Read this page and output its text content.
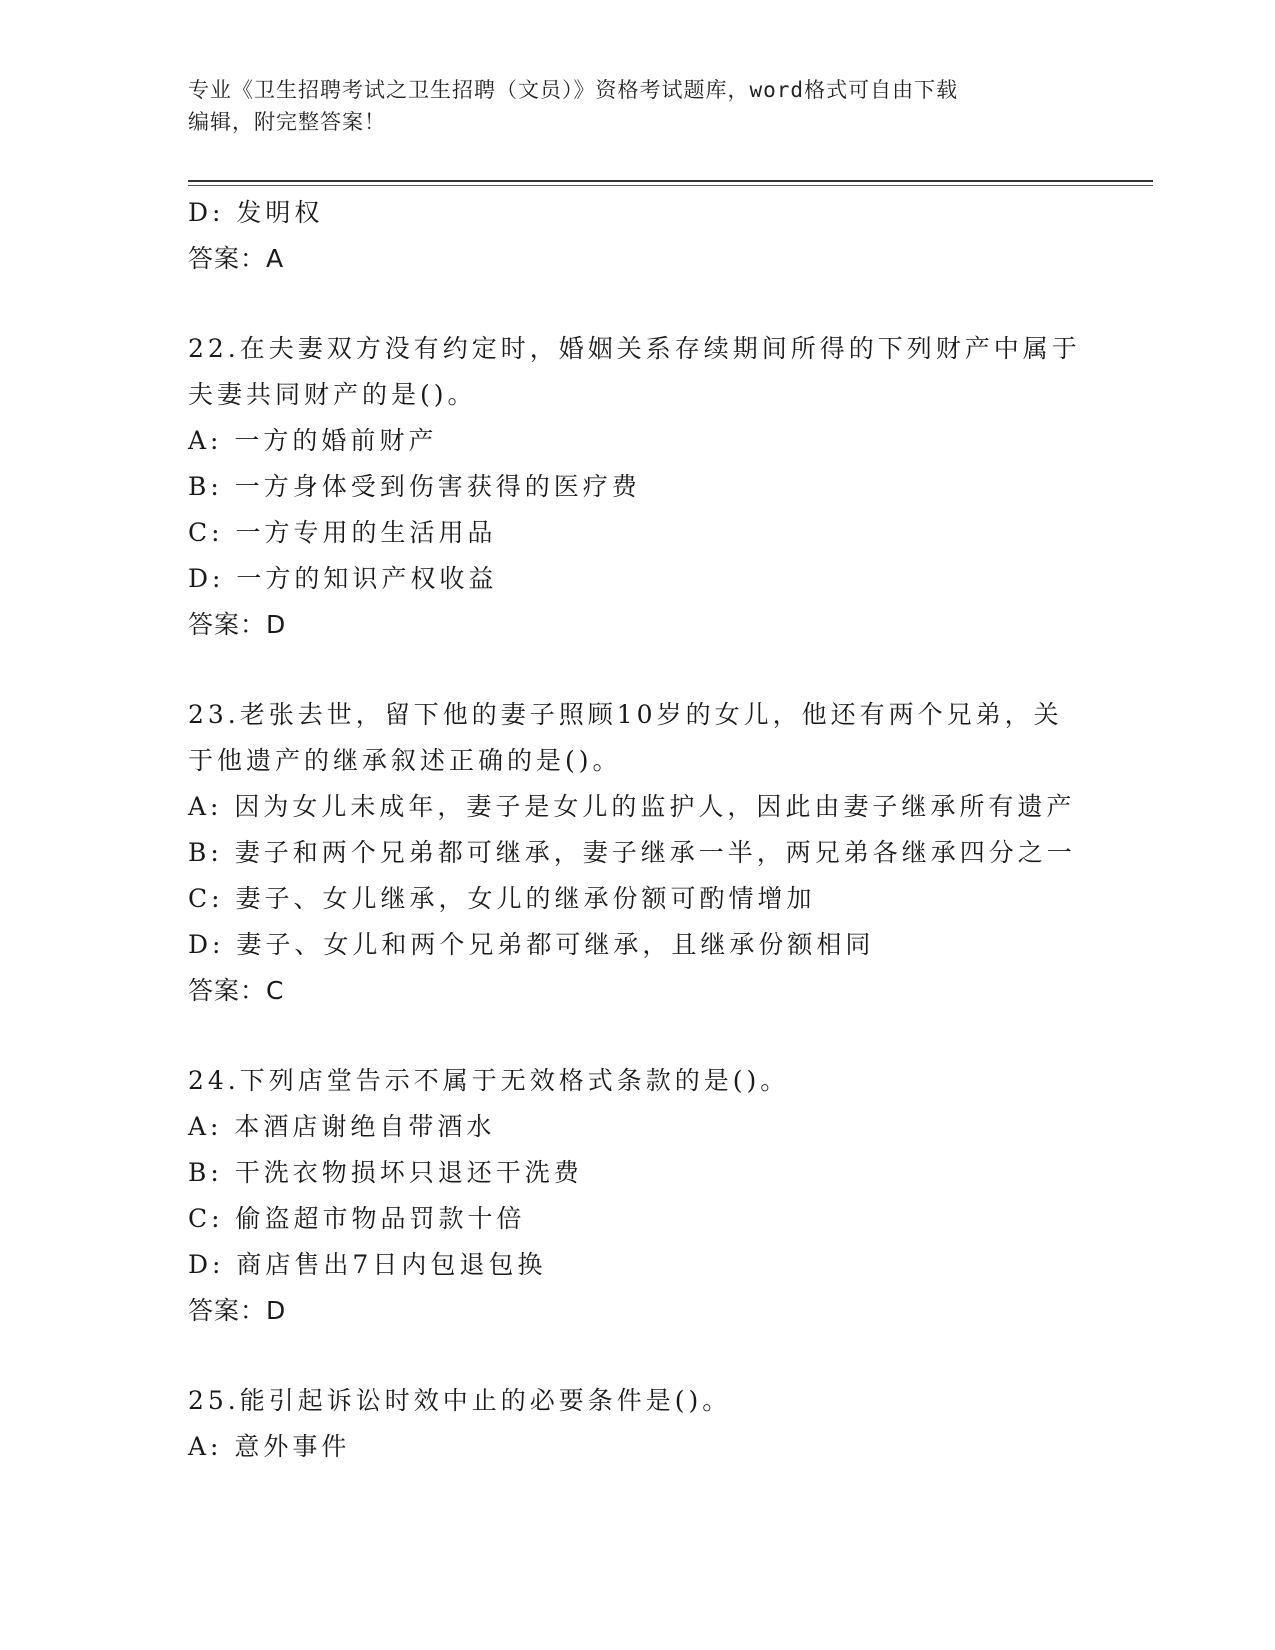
专业《卫生招聘考试之卫生招聘（文员）》资格考试题库，word格式可自由下载
编辑，附完整答案！
D: 发明权
答案：A
22.在夫妻双方没有约定时，婚姻关系存续期间所得的下列财产中属于
夫妻共同财产的是()。
A: 一方的婚前财产
B: 一方身体受到伤害获得的医疗费
C: 一方专用的生活用品
D: 一方的知识产权收益
答案：D
23.老张去世，留下他的妻子照顾10岁的女儿，他还有两个兄弟，关
于他遗产的继承叙述正确的是()。
A: 因为女儿未成年，妻子是女儿的监护人，因此由妻子继承所有遗产
B: 妻子和两个兄弟都可继承，妻子继承一半，两兄弟各继承四分之一
C: 妻子、女儿继承，女儿的继承份额可酌情增加
D: 妻子、女儿和两个兄弟都可继承，且继承份额相同
答案：C
24.下列店堂告示不属于无效格式条款的是()。
A: 本酒店谢绝自带酒水
B: 干洗衣物损坏只退还干洗费
C: 偷盗超市物品罚款十倍
D: 商店售出7日内包退包换
答案：D
25.能引起诉讼时效中止的必要条件是()。
A: 意外事件
